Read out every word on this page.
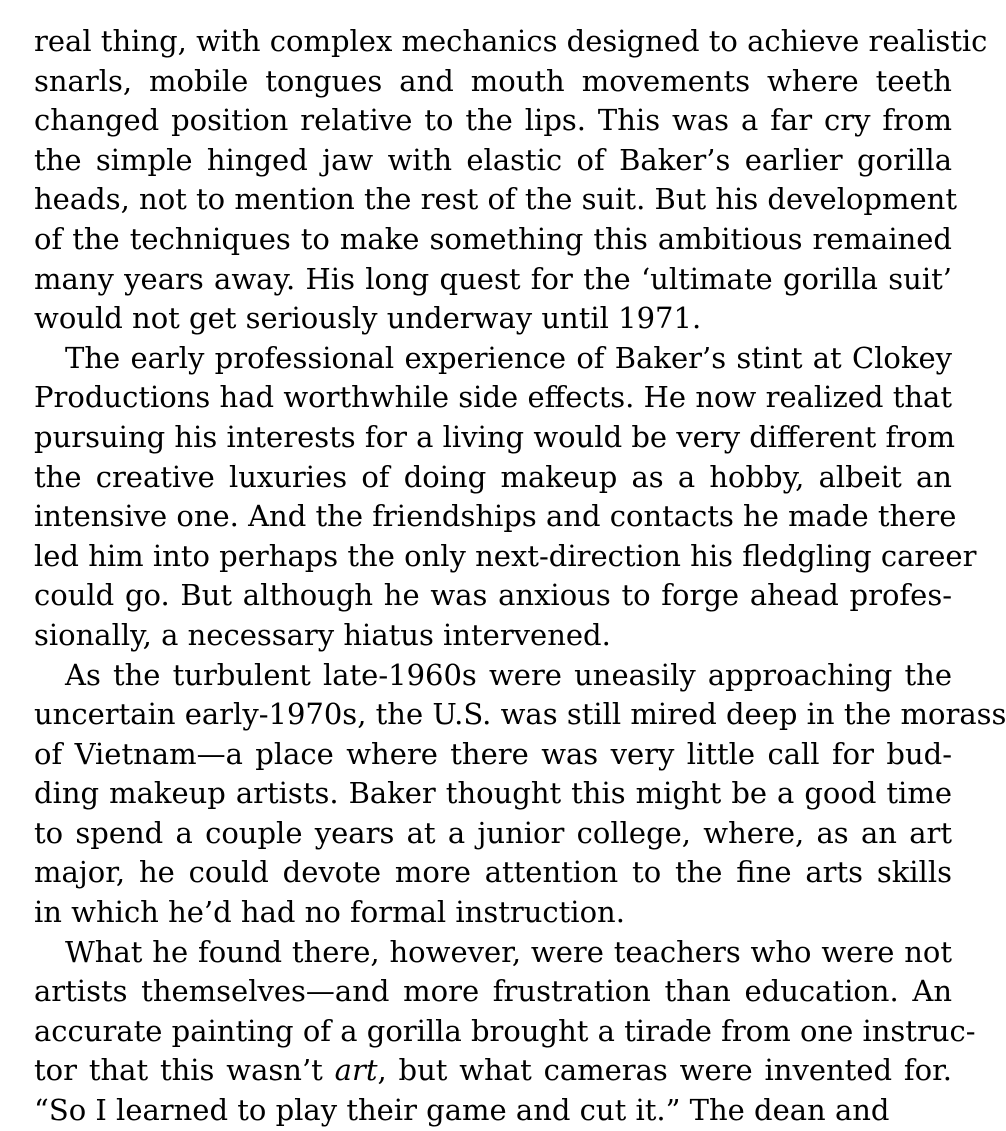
real thing, with complex mechanics designed to achieve realistic
snarls, mobile tongues and mouth movements where teeth
changed position relative to the lips. This was a far cry from
the simple hinged jaw with elastic of Baker’s earlier gorilla
heads, not to mention the rest of the suit. But his development
of the techniques to make something this ambitious remained
many years away. His long quest for the ‘ultimate gorilla suit’
would not get seriously underway until 1971.

The early professional experience of Baker’s stint at Clokey
Productions had worthwhile side effects. He now realized that
pursuing his interests for a living would be very different from
the creative luxuries of doing makeup as a hobby, albeit an
intensive one. And the friendships and contacts he made there
led him into perhaps the only next-direction his fledgling career
could go. But although he was anxious to forge ahead profes-
sionally, a necessary hiatus intervened.

As the turbulent late-1960s were uneasily approaching the
uncertain early-1970s, the U.S. was still mired deep in the morass
of Vietnam—a place where there was very little call for bud-
ding makeup artists. Baker thought this might be a good time
to spend a couple years at a junior college, where, as an art
major, he could devote more attention to the fine arts skills
in which he’d had no formal instruction.

What he found there, however, were teachers who were not
artists themselves—and more frustration than education. An
accurate painting of a gorilla brought a tirade from one instruc-
tor that this wasn’t art, but what cameras were invented for.
“So I learned to play their game and cut it.” The dean and
